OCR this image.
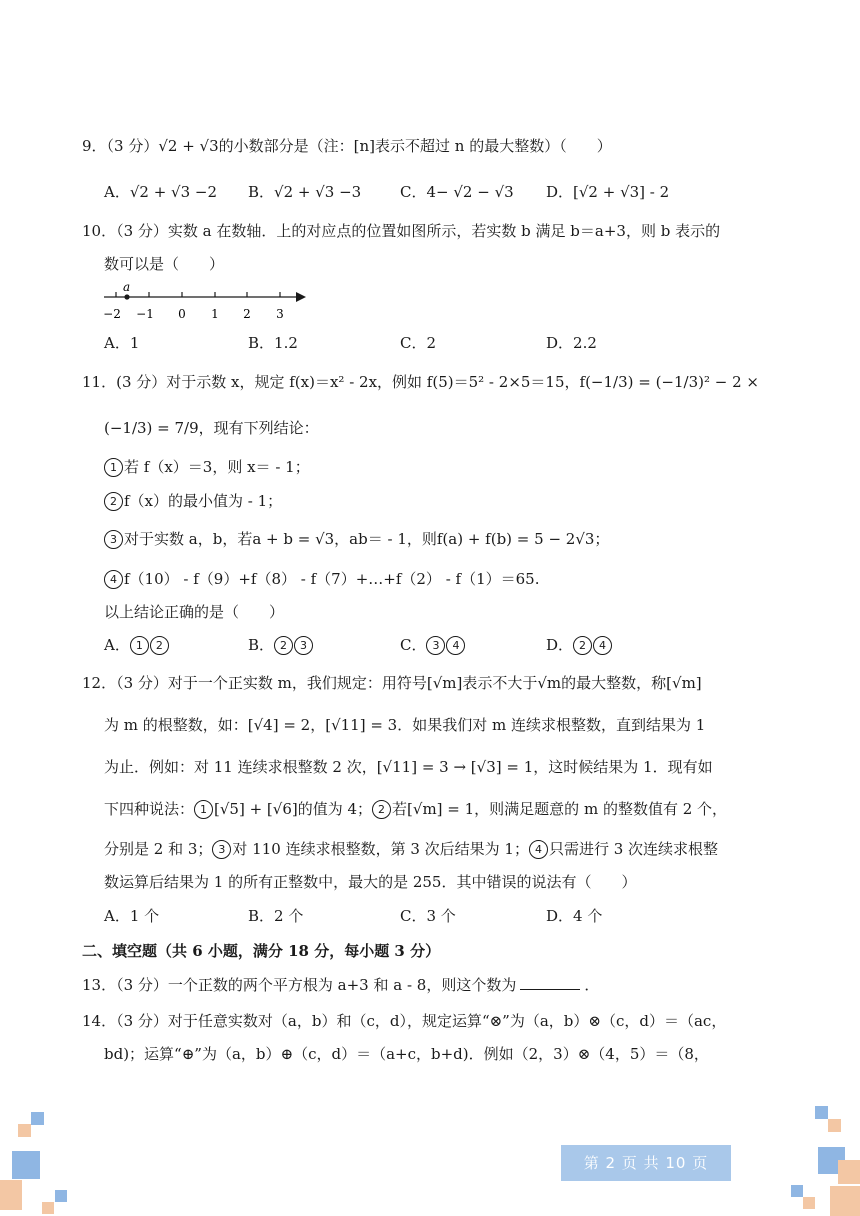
9．（3 分）√2 + √3的小数部分是（注：[n]表示不超过 n 的最大整数）（　　）
A．√2 + √3 −2 B．√2 + √3 −3	C．4− √2 − √3 D．[√2 + √3] - 2
10．（3 分）实数 a 在数轴．上的对应点的位置如图所示，若实数 b 满足 b＝a+3，则 b 表示的
数可以是（　　）
a
−2 −1 0 1 2 3
A．1	B．1.2	C．2	D．2.2
11．(3 分）对于示数 x，规定 f(x)＝x² - 2x，例如 f(5)＝5² - 2×5＝15，f(−1/3) = (−1/3)² − 2 ×
(−1/3) = 7/9，现有下列结论：
1 若 f（x）＝3，则 x＝ - 1；
2 f（x）的最小值为 - 1；
3 对于实数 a，b，若a + b = √3，ab＝ - 1，则f(a) + f(b) = 5 − 2√3；
4 f（10） - f（9）+f（8） - f（7）+…+f（2） - f（1）＝65.
以上结论正确的是（　　）
A． 1 2	B． 2 3	C． 3 4	D． 2 4
12．（3 分）对于一个正实数 m，我们规定：用符号[√m]表示不大于√m的最大整数，称[√m]
为 m 的根整数，如：[√4] = 2，[√11] = 3．如果我们对 m 连续求根整数，直到结果为 1
为止．例如：对 11 连续求根整数 2 次，[√11] = 3 → [√3] = 1，这时候结果为 1．现有如
下四种说法： 1 [√5] + [√6]的值为 4； 2 若[√m] = 1，则满足题意的 m 的整数值有 2 个，
分别是 2 和 3； 3 对 110 连续求根整数，第 3 次后结果为 1； 4 只需进行 3 次连续求根整
数运算后结果为 1 的所有正整数中，最大的是 255．其中错误的说法有（　　）
A．1 个	B．2 个	C．3 个	D．4 个
二、填空题（共 6 小题，满分 18 分，每小题 3 分）
13．（3 分）一个正数的两个平方根为 a+3 和 a - 8，则这个数为	．
14．（3 分）对于任意实数对（a，b）和（c，d），规定运算“⊗”为（a，b）⊗（c，d）＝（ac，
bd)；运算“⊕”为（a，b）⊕（c，d）＝（a+c，b+d)．例如（2，3）⊗（4，5）＝（8，
第 2 页 共 10 页
